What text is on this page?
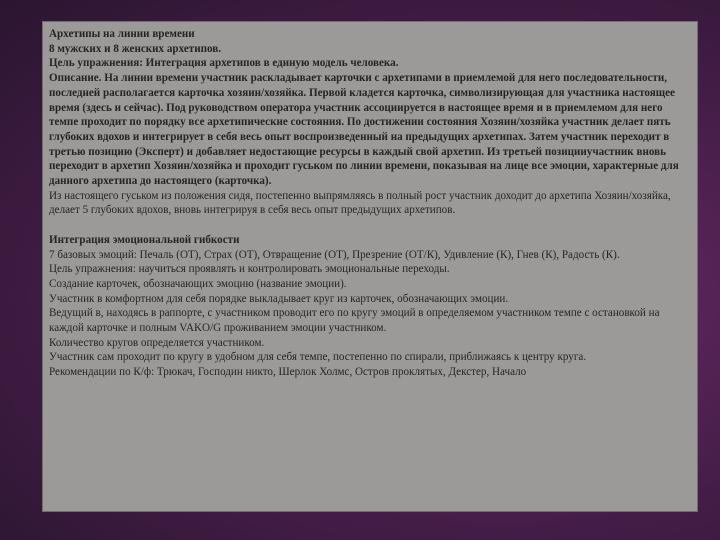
Архетипы на линии времени

8 мужских и 8 женских архетипов.

Цель упражнения: Интеграция архетипов в единую модель человека.

Описание. На линии времени участник раскладывает карточки с архетипами в приемлемой для него последовательности, последней располагается карточка хозяин/хозяйка. Первой кладется карточка, символизирующая для участника настоящее время (здесь и сейчас). Под руководством оператора участник ассоциируется в настоящее время и в приемлемом для него темпе проходит по порядку все архетипические состояния. По достижении состояния Хозяин/хозяйка участник делает пять глубоких вдохов и интегрирует в себя весь опыт воспроизведенный на предыдущих архетипах. Затем участник переходит в третью позицию (Эксперт) и добавляет недостающие ресурсы в каждый свой архетип. Из третьей позицииучастник вновь переходит в архетип Хозяин/хозяйка и проходит гуськом по линии времени, показывая на лице все эмоции, характерные для данного архетипа до настоящего (карточка).

Из настоящего гуськом из положения сидя, постепенно выпрямляясь в полный рост участник доходит до архетипа Хозяин/хозяйка, делает 5 глубоких вдохов, вновь интегрируя в себя весь опыт предыдущих архетипов.

Интеграция эмоциональной гибкости

7 базовых эмоций: Печаль (ОТ), Страх (ОТ), Отвращение (ОТ), Презрение (ОТ/К), Удивление (К), Гнев (К), Радость (К).

Цель упражнения: научиться проявлять и контролировать эмоциональные переходы.

Создание карточек, обозначающих эмоцию (название эмоции).

Участник в комфортном для себя порядке выкладывает круг из карточек, обозначающих эмоции.

Ведущий в, находясь в раппорте, с участником проводит его по кругу эмоций в определяемом участником темпе с остановкой на каждой карточке и полным VAKO/G проживанием эмоции участником.

Количество кругов определяется участником.

Участник сам проходит по кругу в удобном для себя темпе, постепенно по спирали, приближаясь к центру круга.

Рекомендации по К/ф: Трюкач, Господин никто, Шерлок Холмс, Остров проклятых, Декстер, Начало
